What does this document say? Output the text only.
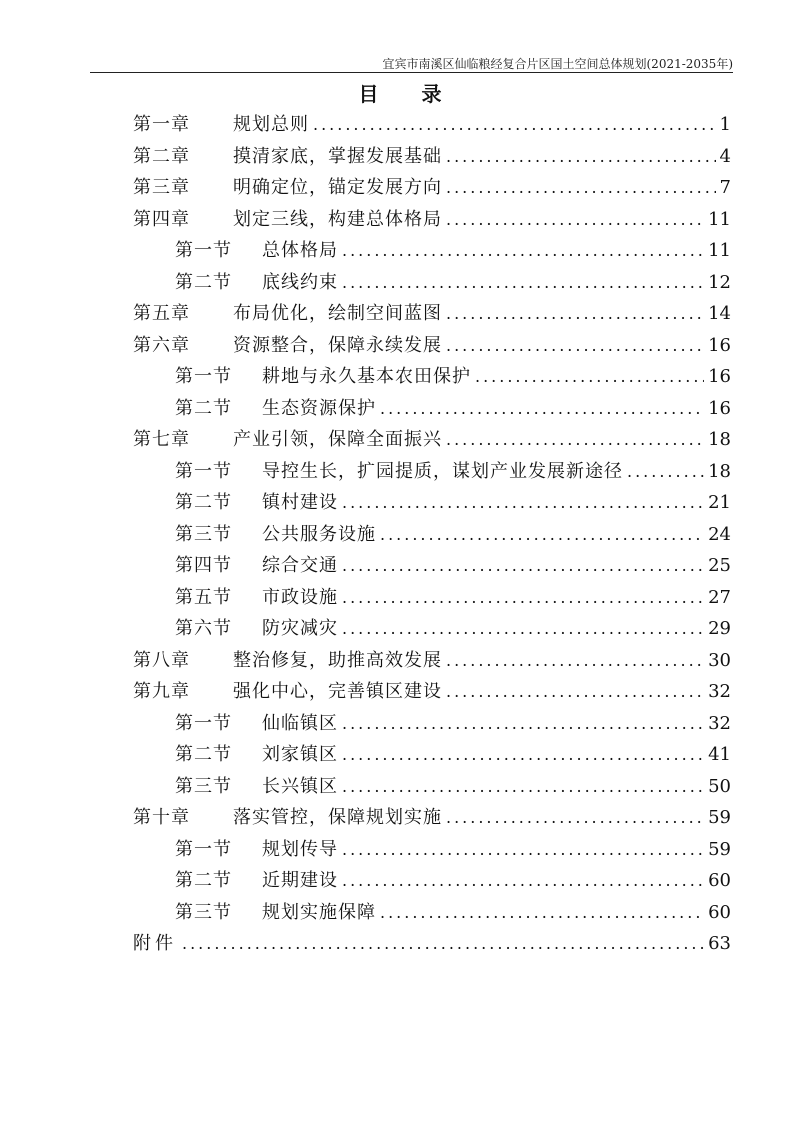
宜宾市南溪区仙临粮经复合片区国土空间总体规划(2021-2035年)
目 录
第一章	规划总则 .....	1
第二章	摸清家底，掌握发展基础 .....	4
第三章	明确定位，锚定发展方向 .....	7
第四章	划定三线，构建总体格局 .....	11
第一节	总体格局 .....	11
第二节	底线约束 .....	12
第五章	布局优化，绘制空间蓝图 .....	14
第六章	资源整合，保障永续发展 .....	16
第一节	耕地与永久基本农田保护 .....	16
第二节	生态资源保护 .....	16
第七章	产业引领，保障全面振兴 .....	18
第一节	导控生长，扩园提质，谋划产业发展新途径 .....	18
第二节	镇村建设 .....	21
第三节	公共服务设施 .....	24
第四节	综合交通 .....	25
第五节	市政设施 .....	27
第六节	防灾减灾 .....	29
第八章	整治修复，助推高效发展 .....	30
第九章	强化中心，完善镇区建设 .....	32
第一节	仙临镇区 .....	32
第二节	刘家镇区 .....	41
第三节	长兴镇区 .....	50
第十章	落实管控，保障规划实施 .....	59
第一节	规划传导 .....	59
第二节	近期建设 .....	60
第三节	规划实施保障 .....	60
附件 .....	63
